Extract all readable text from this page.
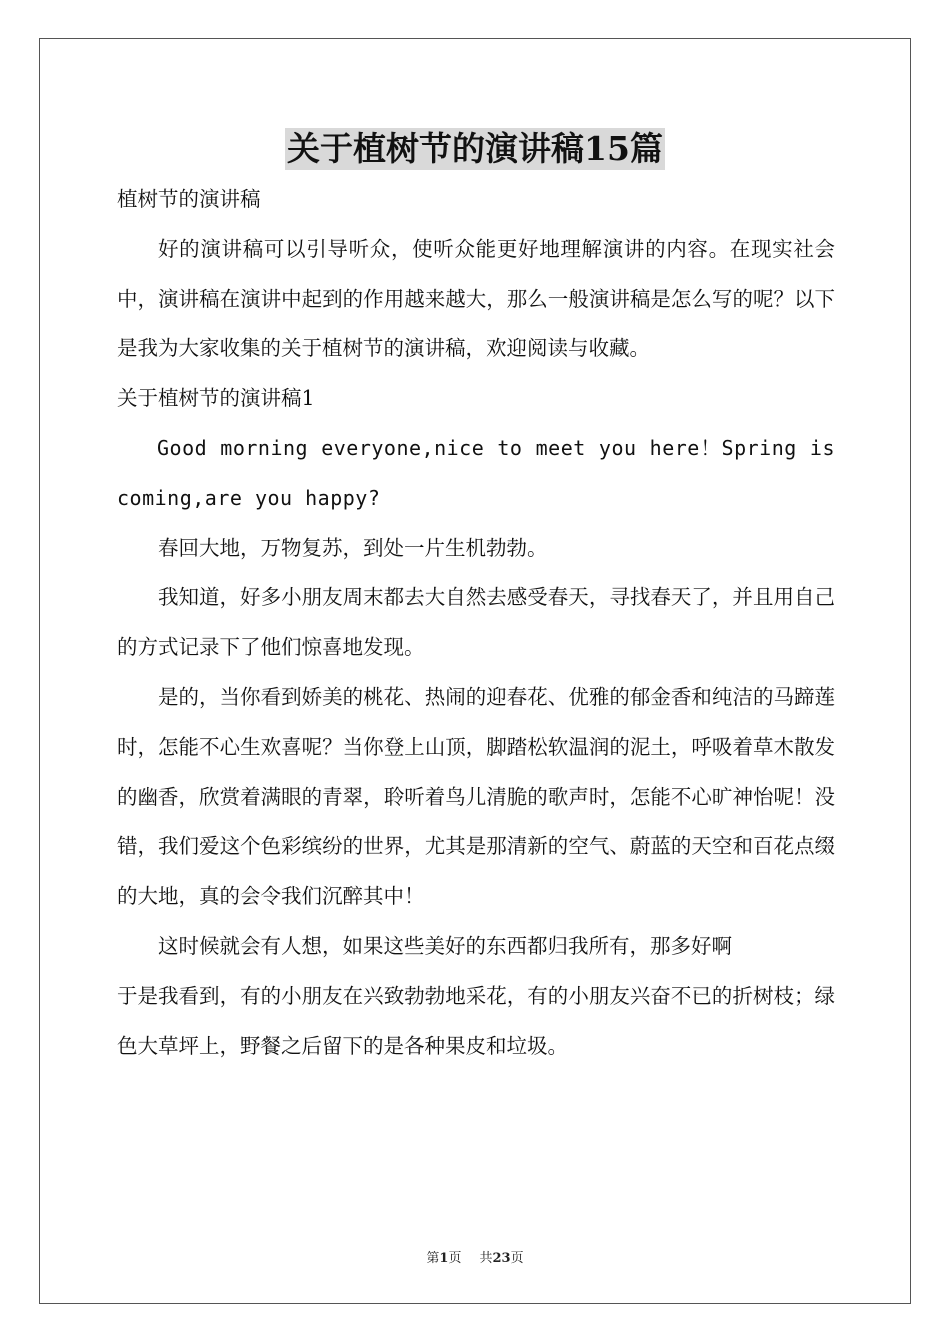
关于植树节的演讲稿15篇

植树节的演讲稿

好的演讲稿可以引导听众，使听众能更好地理解演讲的内容。在现实社会中，演讲稿在演讲中起到的作用越来越大，那么一般演讲稿是怎么写的呢？以下是我为大家收集的关于植树节的演讲稿，欢迎阅读与收藏。

关于植树节的演讲稿1

Good morning everyone,nice to meet you here！Spring is coming,are you happy?

春回大地，万物复苏，到处一片生机勃勃。

我知道，好多小朋友周末都去大自然去感受春天，寻找春天了，并且用自己的方式记录下了他们惊喜地发现。

是的，当你看到娇美的桃花、热闹的迎春花、优雅的郁金香和纯洁的马蹄莲时，怎能不心生欢喜呢？当你登上山顶，脚踏松软温润的泥土，呼吸着草木散发的幽香，欣赏着满眼的青翠，聆听着鸟儿清脆的歌声时，怎能不心旷神怡呢！没错，我们爱这个色彩缤纷的世界，尤其是那清新的空气、蔚蓝的天空和百花点缀的大地，真的会令我们沉醉其中！

这时候就会有人想，如果这些美好的东西都归我所有，那多好啊

于是我看到，有的小朋友在兴致勃勃地采花，有的小朋友兴奋不已的折树枝；绿色大草坪上，野餐之后留下的是各种果皮和垃圾。

第1页 共23页
